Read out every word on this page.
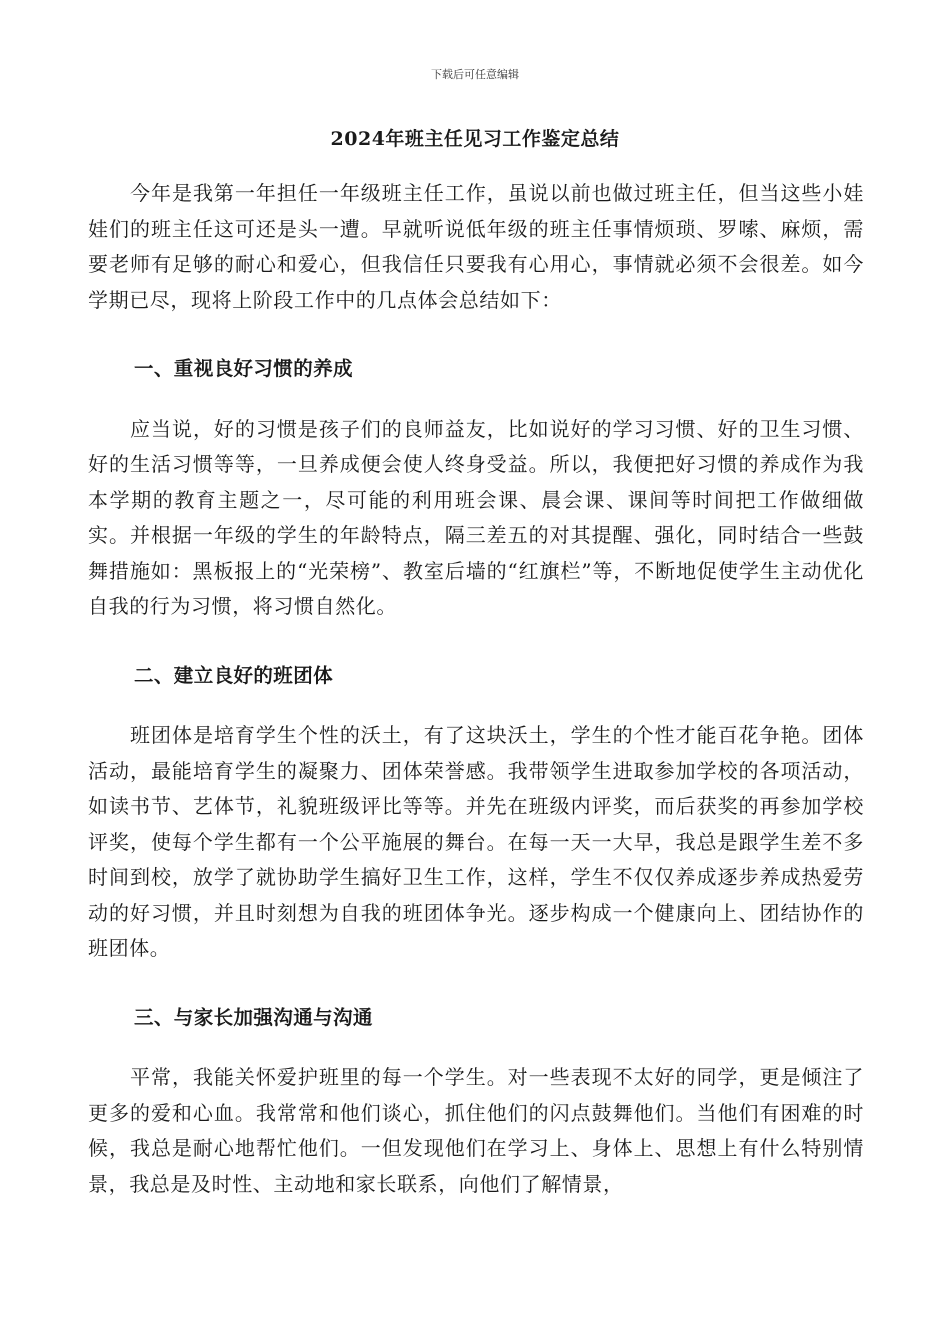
下载后可任意编辑
2024年班主任见习工作鉴定总结

今年是我第一年担任一年级班主任工作，虽说以前也做过班主任，但当这些小娃娃们的班主任这可还是头一遭。早就听说低年级的班主任事情烦琐、罗嗦、麻烦，需要老师有足够的耐心和爱心，但我信任只要我有心用心，事情就必须不会很差。如今学期已尽，现将上阶段工作中的几点体会总结如下：

一、重视良好习惯的养成

应当说，好的习惯是孩子们的良师益友，比如说好的学习习惯、好的卫生习惯、好的生活习惯等等，一旦养成便会使人终身受益。所以，我便把好习惯的养成作为我本学期的教育主题之一，尽可能的利用班会课、晨会课、课间等时间把工作做细做实。并根据一年级的学生的年龄特点，隔三差五的对其提醒、强化，同时结合一些鼓舞措施如：黑板报上的“光荣榜”、教室后墙的“红旗栏”等，不断地促使学生主动优化自我的行为习惯，将习惯自然化。

二、建立良好的班团体

班团体是培育学生个性的沃土，有了这块沃土，学生的个性才能百花争艳。团体活动，最能培育学生的凝聚力、团体荣誉感。我带领学生进取参加学校的各项活动，如读书节、艺体节，礼貌班级评比等等。并先在班级内评奖，而后获奖的再参加学校评奖，使每个学生都有一个公平施展的舞台。在每一天一大早，我总是跟学生差不多时间到校，放学了就协助学生搞好卫生工作，这样，学生不仅仅养成逐步养成热爱劳动的好习惯，并且时刻想为自我的班团体争光。逐步构成一个健康向上、团结协作的班团体。

三、与家长加强沟通与沟通

平常，我能关怀爱护班里的每一个学生。对一些表现不太好的同学，更是倾注了更多的爱和心血。我常常和他们谈心，抓住他们的闪点鼓舞他们。当他们有困难的时候，我总是耐心地帮忙他们。一但发现他们在学习上、身体上、思想上有什么特别情景，我总是及时性、主动地和家长联系，向他们了解情景，
